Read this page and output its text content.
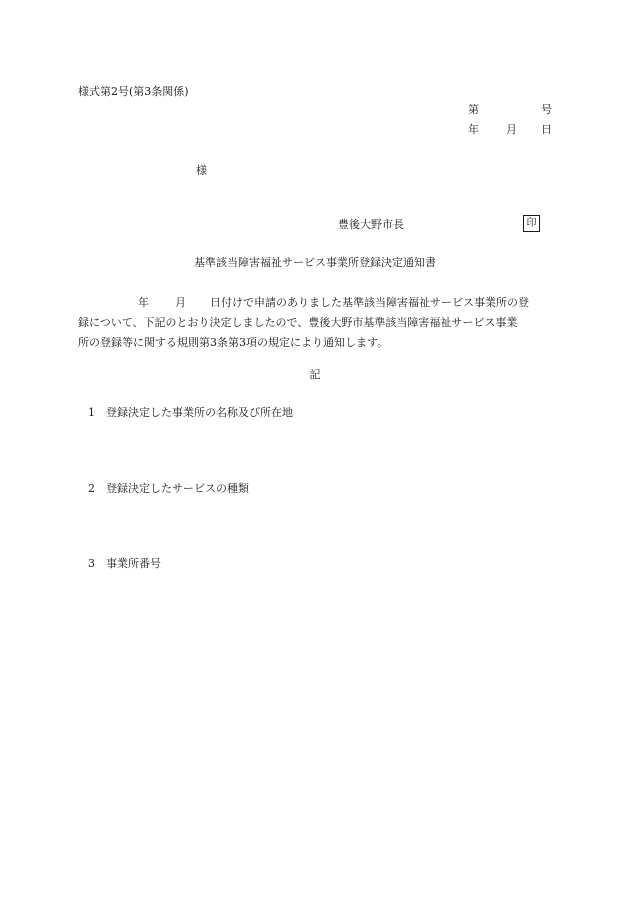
様式第2号(第3条関係)
第	号
年 月 日
様
豊後大野市長	印
基準該当障害福祉サービス事業所登録決定通知書
年 月 日付けで申請のありました基準該当障害福祉サービス事業所の登
録について、下記のとおり決定しましたので、豊後大野市基準該当障害福祉サービス事業
所の登録等に関する規則第3条第3項の規定により通知します。
記
1 登録決定した事業所の名称及び所在地
2 登録決定したサービスの種類
3 事業所番号
